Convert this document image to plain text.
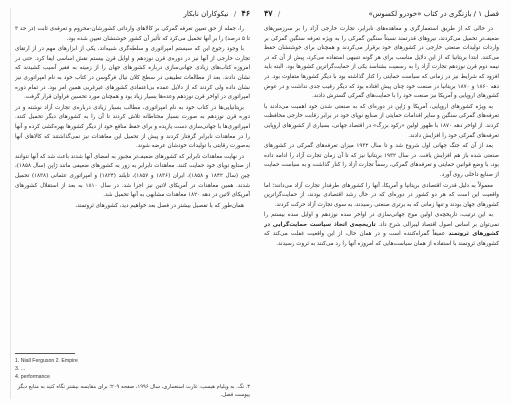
۴۶ / نیکوکاران نابکار

را، جمله از حق تعیین تعرفه گمرکی بر کالاهای وارداتی کشورشان-محروم و تعرفه‌ی ثابت (در حد ۳ تا ۵ درصد) را بر آنها تحمیل می‌کرد که تأثیر آن کشور خوشنشان تعیین شده بود.

با وجود رجوع این که سیستم امپراتوری و سلطه‌گری شبیه‌اند، یکی از ابزارهای مهم در از ارتقای تجارت خارجی از آنها نیز در دوره‌ی قرن نوزدهم و اوایل قرن بیستم نقش اساسی ایفا کرد. حتی در امروزه کتاب‌های زیادی جهانی‌سازی درباره کشورهای جهان را از زمینه به فقیر آسیب کشیدند که نشان دادند. بعد از مطالعات تطبیقی در سطح کلان نیال فرگوسن در کتاب خود به نام امپراتوری نیز نشان داده ولی کردند که از دلایل عمده بی‌اعتمادی کشورهای غیرغربی همین امر بود. در تمام دوره امپراتوری در اواخر قرن نوزدهم وعده‌ها بسیار زیاد بود و همچنان مورد تحسین فراوان قرار گرفت.

بریتانیایی‌ها در کتاب خود به نام امپراتوری، مطالب بسیار زیادی درباره‌ی تجارت آزاد نوشته و در دوره قرن نوزدهم به صورت بسیار محتاطانه تلاش کردند تا آن را به کشورهای دیگر تحمیل کنند. امپراتوری‌ها با جهانی‌سازی دست یازیده و برای حفظ منافع خود از دیگر کشورها بهره‌کشی کرده و آنها را در معاهدات نابرابر گرفتار کردند و پیش از تحمیل این معاهدات نیز نمی‌گذاشتند که کالاهای آنها به‌صورت رقابتی با تولیدات خودشان عرضه شوند.

در نهایت معاهدات نابرابر که کشورهای ضعیف‌تر مجبور به امضای آنها شدند باعث شد که آنها نتوانند از صنایع نوپای خود حمایت کنند. معاهدات نابرابر به زور به کشورهای ضعیفی مانند ژاپن (سال ۱۸۵۸)، چین (سال ۱۸۴۲ و ۱۸۵۸)، ایران (۱۸۳۶ و ۱۸۵۷)، تایلند (۱۸۲۴) و امپراتوری عثمانی (۱۸۳۸) تحمیل شدند. همین معاهدات در آمریکای لاتین نیز اجرا شد. در سال ۱۸۱۰ به بعد از استقلال کشورهای آمریکای لاتین در دهه ۱۸۲۰ معاهدات مشابهی به آنها تحمیل شد.

همان‌طور که با تفصیل بیشتر در فصل بعد خواهیم دید، کشورهای ثروتمند،

1. Niall Ferguson 2. Empire
3. ...
4. performance
۳. نگ. به ویلیام هیسپ، غارت استعماری، سال ۱۹۹۶، صفحه ۲۰۹؛ برای مقایسه بیشتر نگاه کنید به منابع دیگر پیوست فصل.
فصل ۱ / بازنگری در کتاب «خودرو لکسوس»
/ ۴۷

در حالی که از طریق استعمارگری و معاهده‌های نابرابر، تجارت خارجی آزاد را بر سرزمین‌های ضعیف‌تر تحمیل می‌کردند، نیروهای قدرتمند نسبتاً سنگین گمرکی را به ویژه تعرفه سنگین گمرکی بر واردات تولیدات صنعتی خارجی در کشورهای خود برقرار می‌کردند و همچنان برای خوشنشان حفظ می‌کنند. ابتدا بریتانیا که از این دلایل مناسب برای هر گونه تنبیهی استفاده می‌کرد، پیش از آن که در نیمه دوم قرن نوزدهم تجارت آزاد را به رسمیت بشناسد یکی از حمایت‌گراترین کشورها بود. البته باید افزود که شرایط نیز در زمانی که سیاست حمایتی را کنار گذاشته بود با دیگر کشورها متفاوت بود. در دهه ۱۸۶۰ و ۱۸۷۰ بریتانیا در صنعت خود چنان پیش افتاده بود که دیگر رقیب جدی نداشت و در عوض کشورهای اروپایی و آمریکا نیز صنعت خود را با حمایت‌های گمرکی گسترش دادند.

به ویژه کشورهای اروپایی، آمریکا و ژاپن در دوره‌ای که به صنعتی شدن خود اهمیت می‌دادند با تعرفه‌های گمرکی سنگین و سایر اقدامات حمایتی از صنایع نوپای خود در برابر رقابت خارجی محافظت کردند. از اواخر دهه ۱۸۷۰ با ظهور اولین «رکود بزرگ» در اقتصاد جهانی، بسیاری از کشورهای اروپایی تعرفه‌های گمرکی خود را افزایش دادند.

بعد از آن که جنگ جهانی اول شروع شد و تا سال ۱۹۳۲ میزان تعرفه‌های گمرکی در کشورهای صنعتی شده باز هم افزایش یافت. در سال ۱۹۳۲ بریتانیا نیز که تا آن زمان تجارت آزاد را ادامه داده بود، با وضع قوانین حمایتی و تعرفه‌های گمرکی، رسماً تجارت آزاد را کنار گذاشت و به سیاست حمایت از صنایع داخلی روی آورد.

معمولاً به دلیل قدرت اقتصادی بریتانیا و آمریکا، آنها را کشورهای طرفدار تجارت آزاد می‌دانند؛ اما واقعیت این است که هر دو کشور در دوره‌ای که در حال رشد اقتصادی بودند، از حمایت‌گراترین کشورهای جهان بودند و تنها زمانی که به برتری صنعتی رسیدند، به سوی تجارت آزاد حرکت کردند.

به این ترتیب، تاریخچه‌ی اولین موج جهانی‌سازی در اواخر سده نوزدهم و اوایل سده بیستم را نمی‌توان بر اساس اصول اقتصاد لیبرالی شرح داد. تاریخچه‌ی اتخاذ سیاست حمایت‌گرایی در کشورهای ثروتمند عمیقاً گمراه‌کننده است و در همان حال، از این واقعیت غفلت می‌کند که کشورهای ثروتمند با استفاده از همان سیاست‌هایی که امروزه آنها را رد می‌کنند به ثروت رسیدند.
